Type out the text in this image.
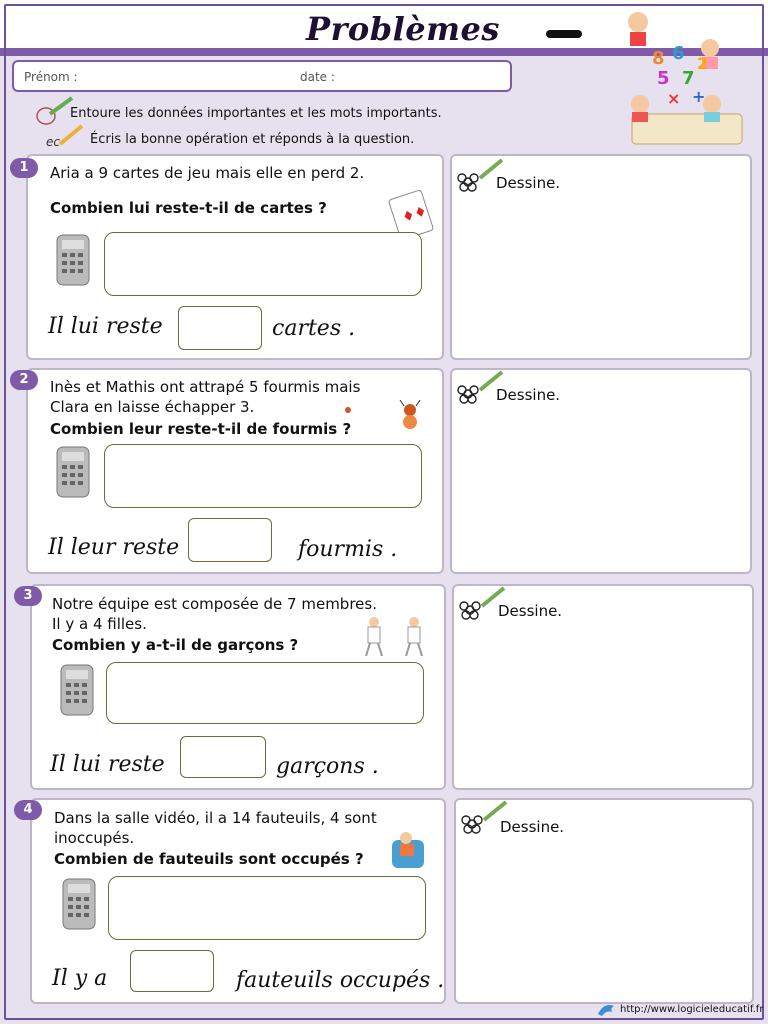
Problèmes
8 6
5 7
× +
2
Prénom :	date :
Entoure les données importantes et les mots importants.
ec Écris la bonne opération et réponds à la question.
1	Aria a 9 cartes de jeu mais elle en perd 2.
Combien lui reste-t-il de cartes ?	♦♦
Il lui reste	cartes .
Dessine.
2	Inès et Mathis ont attrapé 5 fourmis mais
Clara en laisse échapper 3.
Combien leur reste-t-il de fourmis ?
Il leur reste	fourmis .
Dessine.
3	Notre équipe est composée de 7 membres.
Il y a 4 filles.
Combien y a-t-il de garçons ?
Il lui reste	garçons .
Dessine.
4	Dans la salle vidéo, il a 14 fauteuils, 4 sont
inoccupés.
Combien de fauteuils sont occupés ?
Il y a	fauteuils occupés .
Dessine.
http://www.logicieleducatif.fr
